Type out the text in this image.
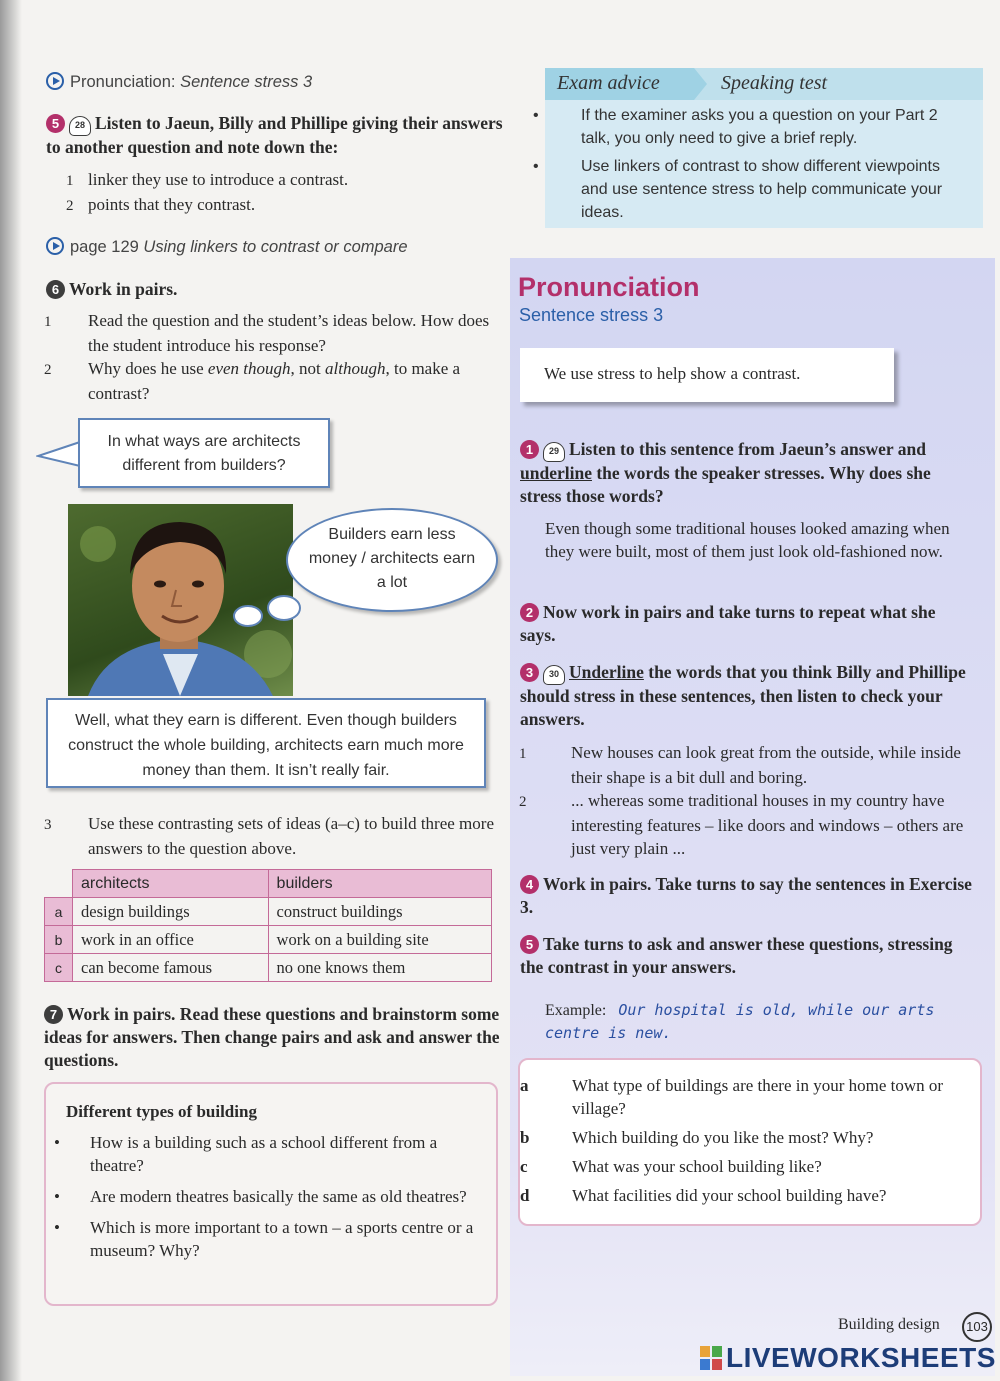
Pronunciation: Sentence stress 3
5 28 Listen to Jaeun, Billy and Phillipe giving their answers to another question and note down the:
1 linker they use to introduce a contrast.
2 points that they contrast.
page 129 Using linkers to contrast or compare
6 Work in pairs.
1 Read the question and the student’s ideas below. How does the student introduce his response?
2 Why does he use even though, not although, to make a contrast?
In what ways are architects different from builders?
Builders earn less money / architects earn a lot
Well, what they earn is different. Even though builders construct the whole building, architects earn much more money than them. It isn’t really fair.
3 Use these contrasting sets of ideas (a–c) to build three more answers to the question above.
	architects	builders
a	design buildings	construct buildings
b	work in an office	work on a building site
c	can become famous	no one knows them
7 Work in pairs. Read these questions and brainstorm some ideas for answers. Then change pairs and ask and answer the questions.
Different types of building
• How is a building such as a school different from a theatre?
• Are modern theatres basically the same as old theatres?
• Which is more important to a town – a sports centre or a museum? Why?
Exam advice	Speaking test
•	If the examiner asks you a question on your Part 2 talk, you only need to give a brief reply.
•	Use linkers of contrast to show different viewpoints and use sentence stress to help communicate your ideas.
Pronunciation
Sentence stress 3
We use stress to help show a contrast.
1 29 Listen to this sentence from Jaeun’s answer and underline the words the speaker stresses. Why does she stress those words?
Even though some traditional houses looked amazing when they were built, most of them just look old-fashioned now.
2 Now work in pairs and take turns to repeat what she says.
3 30 Underline the words that you think Billy and Phillipe should stress in these sentences, then listen to check your answers.
1	New houses can look great from the outside, while inside their shape is a bit dull and boring.
2	... whereas some traditional houses in my country have interesting features – like doors and windows – others are just very plain ...
4 Work in pairs. Take turns to say the sentences in Exercise 3.
5 Take turns to ask and answer these questions, stressing the contrast in your answers.
Example: Our hospital is old, while our arts centre is new.
a	What type of buildings are there in your home town or village?
b	Which building do you like the most? Why?
c	What was your school building like?
d	What facilities did your school building have?
Building design	103
LIVEWORKSHEETS
